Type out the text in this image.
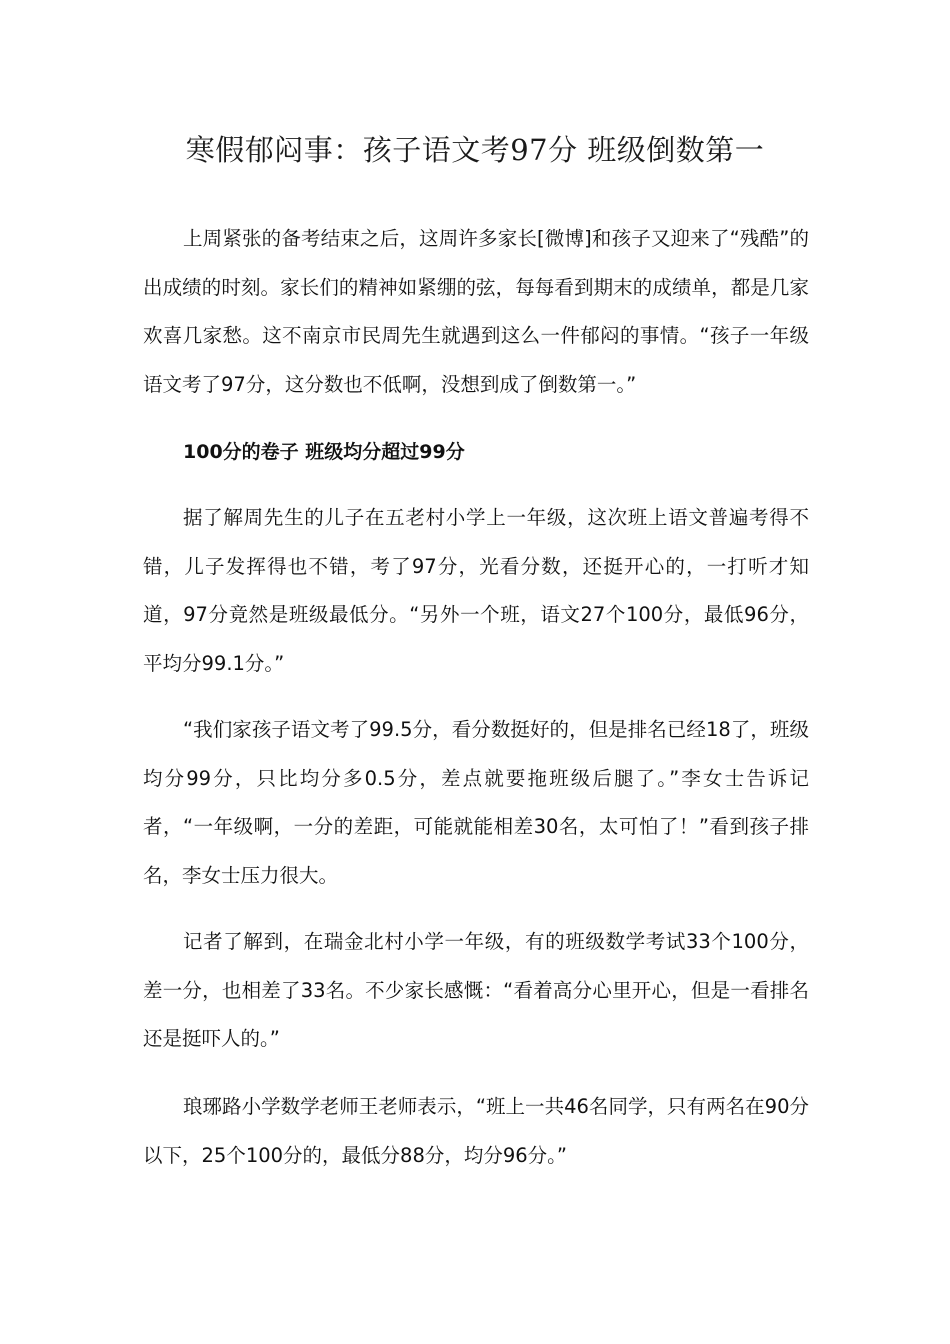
寒假郁闷事：孩子语文考97分 班级倒数第一

上周紧张的备考结束之后，这周许多家长[微博]和孩子又迎来了“残酷”的出成绩的时刻。家长们的精神如紧绷的弦，每每看到期末的成绩单，都是几家欢喜几家愁。这不南京市民周先生就遇到这么一件郁闷的事情。“孩子一年级语文考了97分，这分数也不低啊，没想到成了倒数第一。”

100分的卷子 班级均分超过99分

据了解周先生的儿子在五老村小学上一年级，这次班上语文普遍考得不错，儿子发挥得也不错，考了97分，光看分数，还挺开心的，一打听才知道，97分竟然是班级最低分。“另外一个班，语文27个100分，最低96分，平均分99.1分。”

“我们家孩子语文考了99.5分，看分数挺好的，但是排名已经18了，班级均分99分，只比均分多0.5分，差点就要拖班级后腿了。”李女士告诉记者，“一年级啊，一分的差距，可能就能相差30名，太可怕了！”看到孩子排名，李女士压力很大。

记者了解到，在瑞金北村小学一年级，有的班级数学考试33个100分，差一分，也相差了33名。不少家长感慨：“看着高分心里开心，但是一看排名还是挺吓人的。”

琅琊路小学数学老师王老师表示，“班上一共46名同学，只有两名在90分以下，25个100分的，最低分88分，均分96分。”
